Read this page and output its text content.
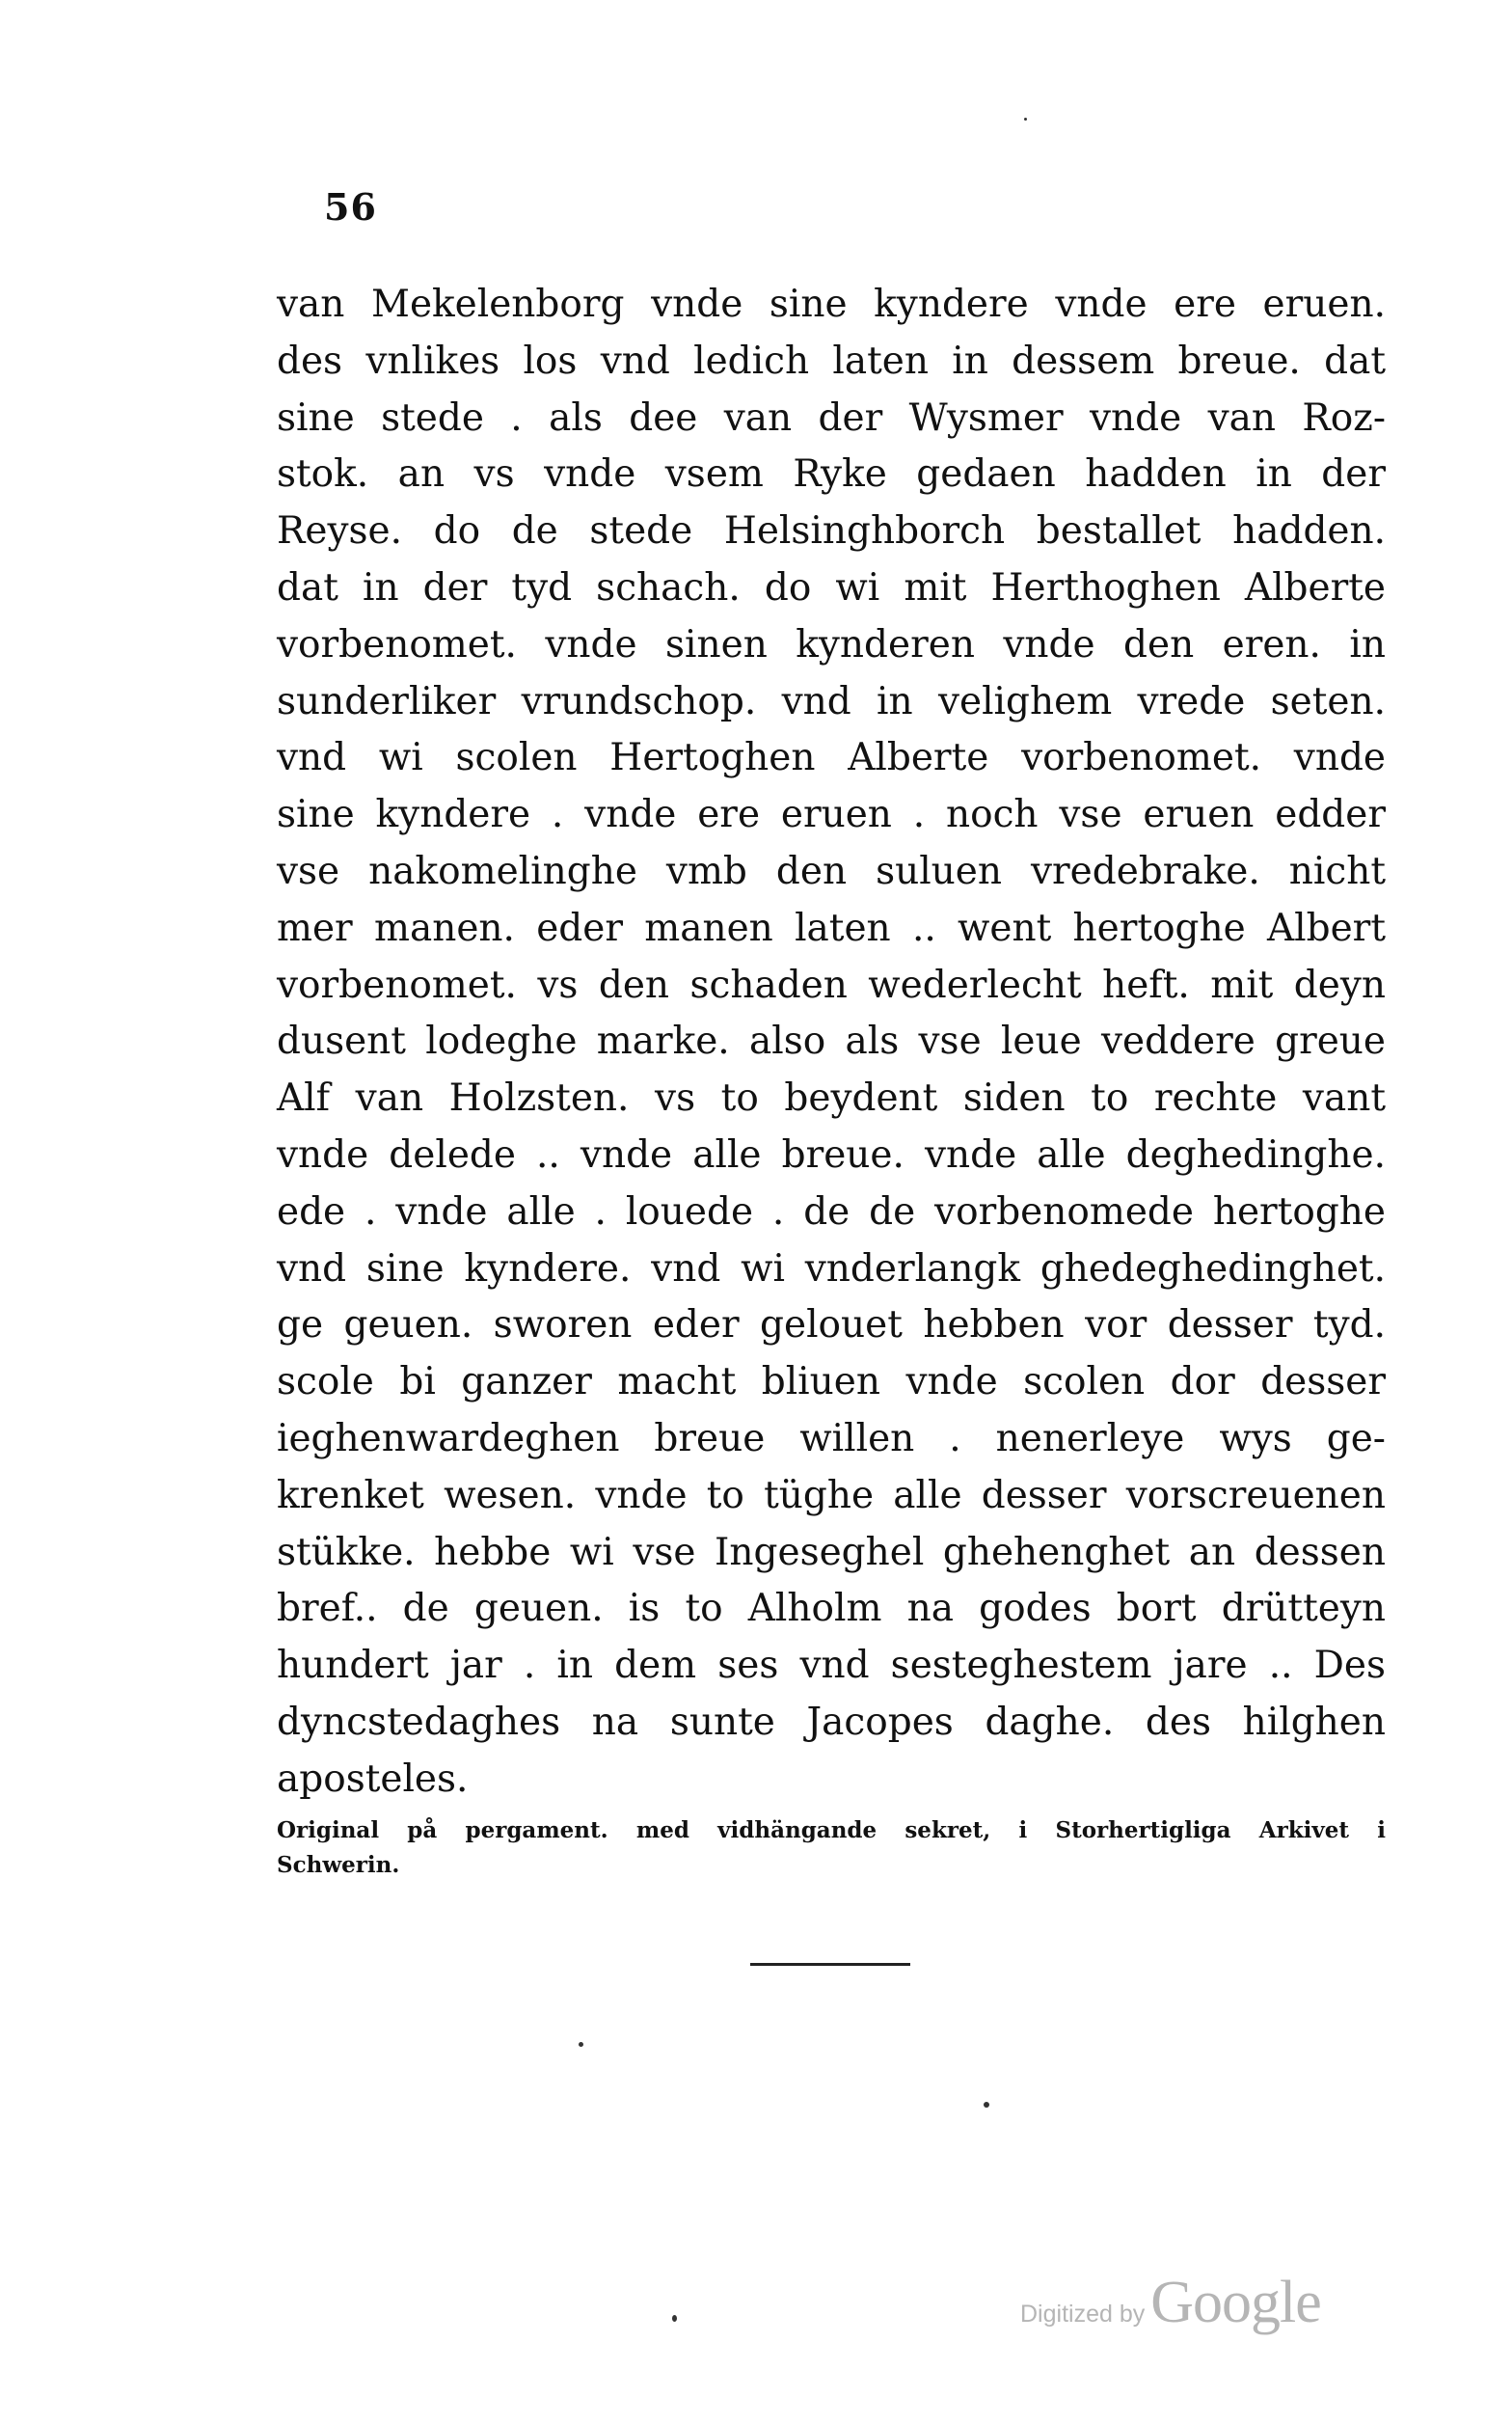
56
van Mekelenborg vnde sine kyndere vnde ere eruen.
des vnlikes los vnd ledich laten in dessem breue. dat
sine stede . als dee van der Wysmer vnde van Roz-
stok. an vs vnde vsem Ryke gedaen hadden in der
Reyse. do de stede Helsinghborch bestallet hadden.
dat in der tyd schach. do wi mit Herthoghen Alberte
vorbenomet. vnde sinen kynderen vnde den eren. in
sunderliker vrundschop. vnd in velighem vrede seten.
vnd wi scolen Hertoghen Alberte vorbenomet. vnde
sine kyndere . vnde ere eruen . noch vse eruen edder
vse nakomelinghe vmb den suluen vredebrake. nicht
mer manen. eder manen laten .. went hertoghe Albert
vorbenomet. vs den schaden wederlecht heft. mit deyn
dusent lodeghe marke. also als vse leue veddere greue
Alf van Holzsten. vs to beydent siden to rechte vant
vnde delede .. vnde alle breue. vnde alle deghedinghe.
ede . vnde alle . louede . de de vorbenomede hertoghe
vnd sine kyndere. vnd wi vnderlangk ghedeghedinghet.
ge geuen. sworen eder gelouet hebben vor desser tyd.
scole bi ganzer macht bliuen vnde scolen dor desser
ieghenwardeghen breue willen . nenerleye wys ge-
krenket wesen. vnde to tüghe alle desser vorscreuenen
stükke. hebbe wi vse Ingeseghel ghehenghet an dessen
bref.. de geuen. is to Alholm na godes bort drütteyn
hundert jar . in dem ses vnd sesteghestem jare .. Des
dyncstedaghes na sunte Jacopes daghe. des hilghen
aposteles.
Original på pergament. med vidhängande sekret, i Storhertigliga Arkivet i
Schwerin.
Digitized by Google
